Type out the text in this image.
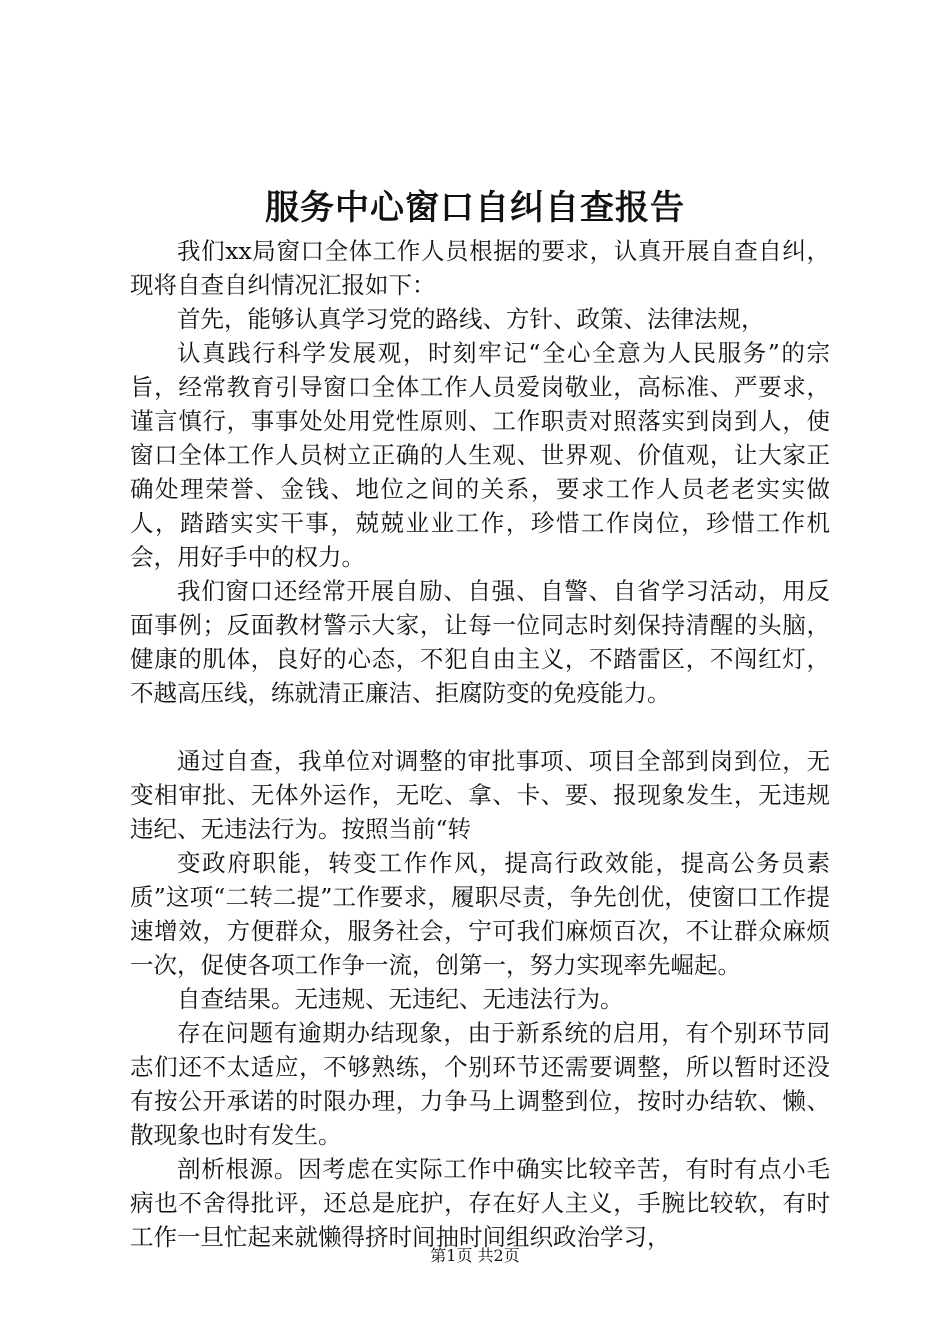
服务中心窗口自纠自查报告

我们xx局窗口全体工作人员根据的要求，认真开展自查自纠，现将自查自纠情况汇报如下：

首先，能够认真学习党的路线、方针、政策、法律法规，

认真践行科学发展观，时刻牢记“全心全意为人民服务”的宗旨，经常教育引导窗口全体工作人员爱岗敬业，高标准、严要求，谨言慎行，事事处处用党性原则、工作职责对照落实到岗到人，使窗口全体工作人员树立正确的人生观、世界观、价值观，让大家正确处理荣誉、金钱、地位之间的关系，要求工作人员老老实实做人，踏踏实实干事，兢兢业业工作，珍惜工作岗位，珍惜工作机会，用好手中的权力。

我们窗口还经常开展自励、自强、自警、自省学习活动，用反面事例；反面教材警示大家，让每一位同志时刻保持清醒的头脑，健康的肌体，良好的心态，不犯自由主义，不踏雷区，不闯红灯，不越高压线，练就清正廉洁、拒腐防变的免疫能力。

通过自查，我单位对调整的审批事项、项目全部到岗到位，无变相审批、无体外运作，无吃、拿、卡、要、报现象发生，无违规违纪、无违法行为。按照当前“转

变政府职能，转变工作作风，提高行政效能，提高公务员素质”这项“二转二提”工作要求，履职尽责，争先创优，使窗口工作提速增效，方便群众，服务社会，宁可我们麻烦百次，不让群众麻烦一次，促使各项工作争一流，创第一，努力实现率先崛起。

自查结果。无违规、无违纪、无违法行为。

存在问题有逾期办结现象，由于新系统的启用，有个别环节同志们还不太适应，不够熟练，个别环节还需要调整，所以暂时还没有按公开承诺的时限办理，力争马上调整到位，按时办结软、懒、散现象也时有发生。

剖析根源。因考虑在实际工作中确实比较辛苦，有时有点小毛病也不舍得批评，还总是庇护，存在好人主义，手腕比较软，有时工作一旦忙起来就懒得挤时间抽时间组织政治学习，

第1页 共2页
